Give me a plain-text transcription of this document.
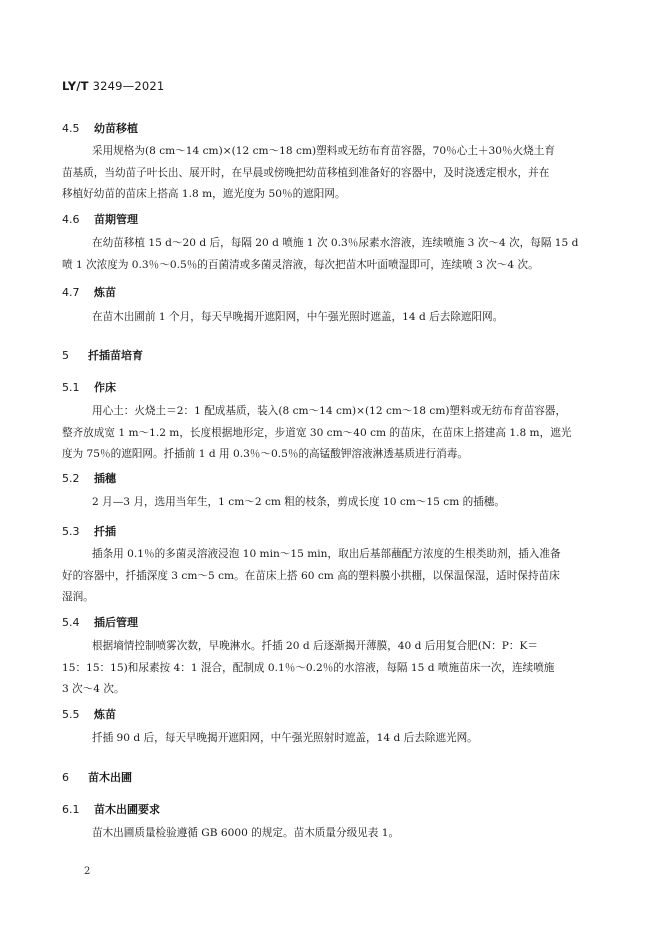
LY/T 3249—2021
4.5 幼苗移植
采用规格为(8 cm～14 cm)×(12 cm～18 cm)塑料或无纺布育苗容器，70％心土＋30％火烧土育
苗基质，当幼苗子叶长出、展开时，在早晨或傍晚把幼苗移植到准备好的容器中，及时浇透定根水，并在
移植好幼苗的苗床上搭高 1.8 m，遮光度为 50％的遮阳网。
4.6 苗期管理
在幼苗移植 15 d～20 d 后，每隔 20 d 喷施 1 次 0.3％尿素水溶液，连续喷施 3 次～4 次，每隔 15 d
喷 1 次浓度为 0.3％～0.5％的百菌清或多菌灵溶液，每次把苗木叶面喷湿即可，连续喷 3 次～4 次。
4.7 炼苗
在苗木出圃前 1 个月，每天早晚揭开遮阳网，中午强光照时遮盖，14 d 后去除遮阳网。
5 扦插苗培育
5.1 作床
用心土：火烧土＝2：1 配成基质，装入(8 cm～14 cm)×(12 cm～18 cm)塑料或无纺布育苗容器，
整齐放成宽 1 m～1.2 m，长度根据地形定，步道宽 30 cm～40 cm 的苗床，在苗床上搭建高 1.8 m，遮光
度为 75％的遮阳网。扦插前 1 d 用 0.3％～0.5％的高锰酸钾溶液淋透基质进行消毒。
5.2 插穗
2 月—3 月，选用当年生，1 cm～2 cm 粗的枝条，剪成长度 10 cm～15 cm 的插穗。
5.3 扦插
插条用 0.1％的多菌灵溶液浸泡 10 min～15 min，取出后基部蘸配方浓度的生根类助剂，插入准备
好的容器中，扦插深度 3 cm～5 cm。在苗床上搭 60 cm 高的塑料膜小拱棚，以保温保湿，适时保持苗床
湿润。
5.4 插后管理
根据墒情控制喷雾次数，早晚淋水。扦插 20 d 后逐渐揭开薄膜，40 d 后用复合肥(N：P：K＝
15：15：15)和尿素按 4：1 混合，配制成 0.1％～0.2％的水溶液，每隔 15 d 喷施苗床一次，连续喷施
3 次～4 次。
5.5 炼苗
扦插 90 d 后，每天早晚揭开遮阳网，中午强光照射时遮盖，14 d 后去除遮光网。
6 苗木出圃
6.1 苗木出圃要求
苗木出圃质量检验遵循 GB 6000 的规定。苗木质量分级见表 1。
2
